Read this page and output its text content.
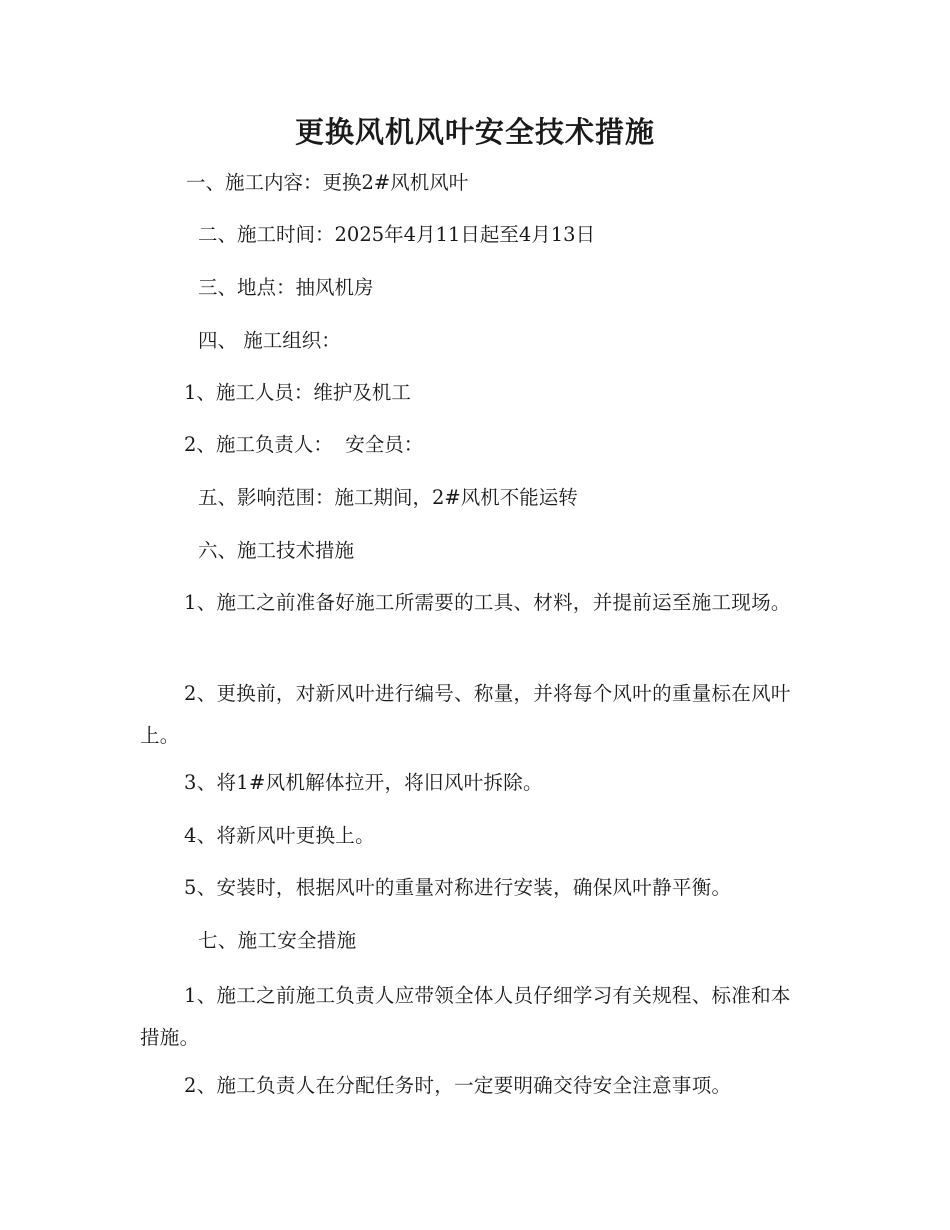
更换风机风叶安全技术措施
一、施工内容：更换2#风机风叶
二、施工时间：2025年4月11日起至4月13日
三、地点：抽风机房
四、 施工组织：
1、施工人员：维护及机工
2、施工负责人：  安全员：
五、影响范围：施工期间，2#风机不能运转
六、施工技术措施
1、施工之前准备好施工所需要的工具、材料，并提前运至施工现场。
2、更换前，对新风叶进行编号、称量，并将每个风叶的重量标在风叶上。
3、将1#风机解体拉开，将旧风叶拆除。
4、将新风叶更换上。
5、安装时，根据风叶的重量对称进行安装，确保风叶静平衡。
七、施工安全措施
1、施工之前施工负责人应带领全体人员仔细学习有关规程、标准和本措施。
2、施工负责人在分配任务时，一定要明确交待安全注意事项。
